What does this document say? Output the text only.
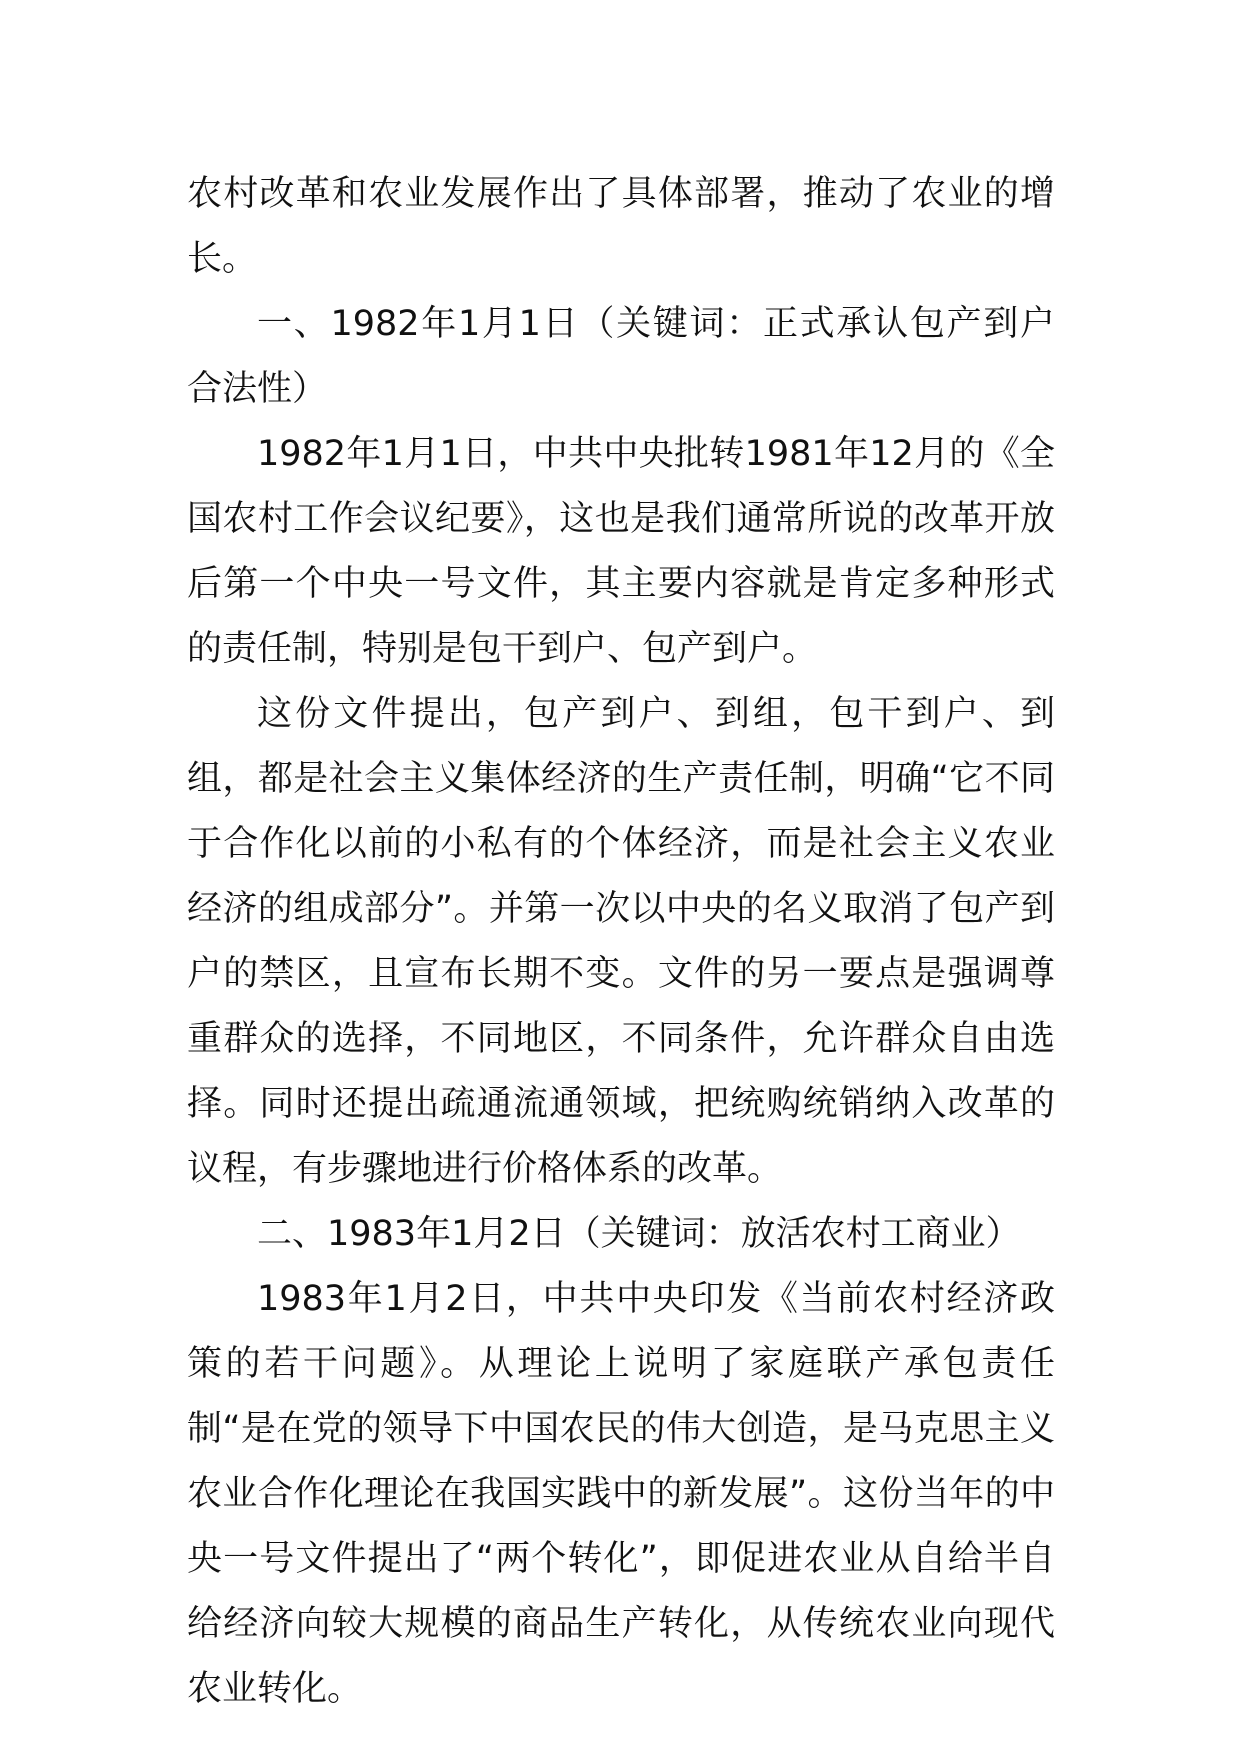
农村改革和农业发展作出了具体部署，推动了农业的增长。

一、1982年1月1日（关键词：正式承认包产到户合法性）

1982年1月1日，中共中央批转1981年12月的《全国农村工作会议纪要》，这也是我们通常所说的改革开放后第一个中央一号文件，其主要内容就是肯定多种形式的责任制，特别是包干到户、包产到户。

这份文件提出，包产到户、到组，包干到户、到组，都是社会主义集体经济的生产责任制，明确“它不同于合作化以前的小私有的个体经济，而是社会主义农业经济的组成部分”。并第一次以中央的名义取消了包产到户的禁区，且宣布长期不变。文件的另一要点是强调尊重群众的选择，不同地区，不同条件，允许群众自由选择。同时还提出疏通流通领域，把统购统销纳入改革的议程，有步骤地进行价格体系的改革。

二、1983年1月2日（关键词：放活农村工商业）

1983年1月2日，中共中央印发《当前农村经济政策的若干问题》。从理论上说明了家庭联产承包责任制“是在党的领导下中国农民的伟大创造，是马克思主义农业合作化理论在我国实践中的新发展”。这份当年的中央一号文件提出了“两个转化”，即促进农业从自给半自给经济向较大规模的商品生产转化，从传统农业向现代农业转化。
